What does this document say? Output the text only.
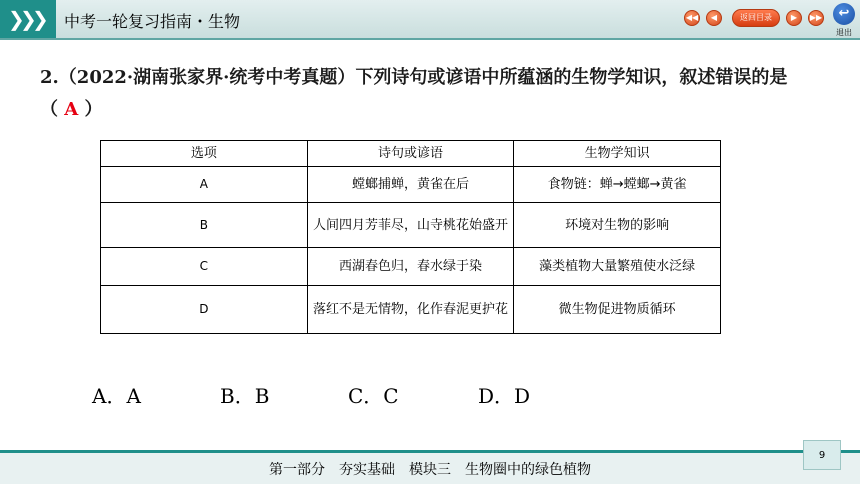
❯
❯
❯ 中考一轮复习指南・生物	◀◀	◀	返回目录	▶	▶▶	↩
退出
2.（2022·湖南张家界·统考中考真题）下列诗句或谚语中所蕴涵的生物学知识，叙述错误的是（ A ）
选项	诗句或谚语	生物学知识
A	螳螂捕蝉，黄雀在后	食物链：蝉→螳螂→黄雀
B	人间四月芳菲尽，山寺桃花始盛开	环境对生物的影响
C	西湖春色归，春水绿于染	藻类植物大量繁殖使水泛绿
D	落红不是无情物，化作春泥更护花	微生物促进物质循环
A．A	B．B	C．C	D．D
第一部分　夯实基础　模块三　生物圈中的绿色植物
9
